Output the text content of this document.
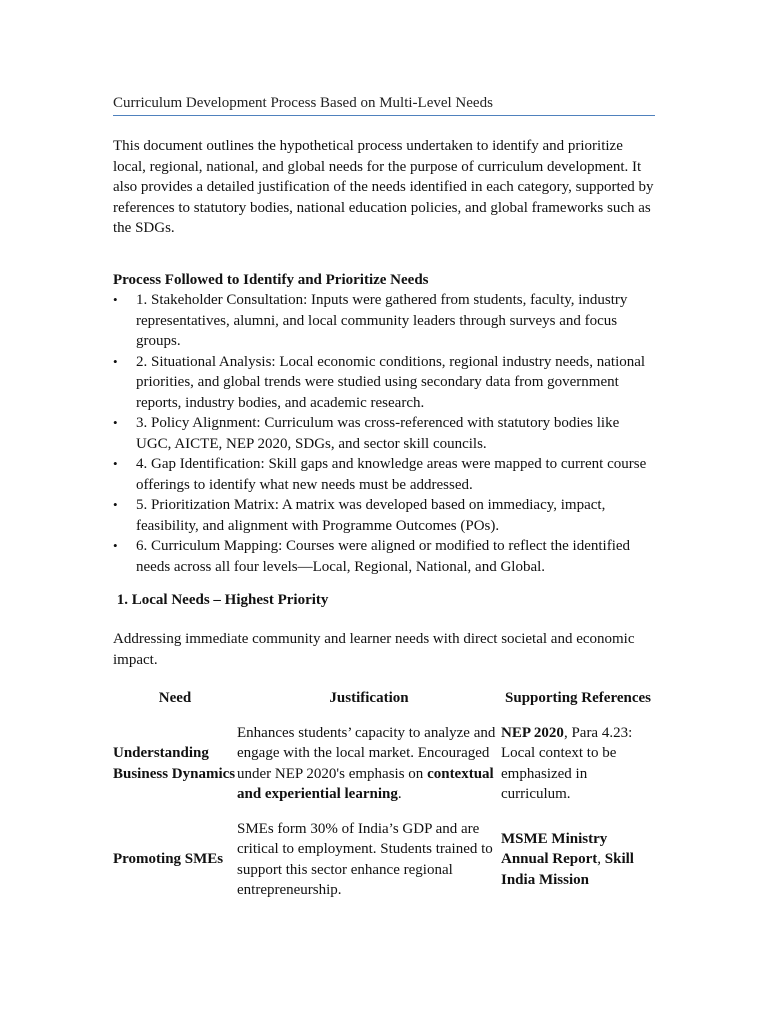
Curriculum Development Process Based on Multi-Level Needs

This document outlines the hypothetical process undertaken to identify and prioritize local, regional, national, and global needs for the purpose of curriculum development. It also provides a detailed justification of the needs identified in each category, supported by references to statutory bodies, national education policies, and global frameworks such as the SDGs.

Process Followed to Identify and Prioritize Needs

• 1. Stakeholder Consultation: Inputs were gathered from students, faculty, industry representatives, alumni, and local community leaders through surveys and focus groups.
• 2. Situational Analysis: Local economic conditions, regional industry needs, national priorities, and global trends were studied using secondary data from government reports, industry bodies, and academic research.
• 3. Policy Alignment: Curriculum was cross-referenced with statutory bodies like UGC, AICTE, NEP 2020, SDGs, and sector skill councils.
• 4. Gap Identification: Skill gaps and knowledge areas were mapped to current course offerings to identify what new needs must be addressed.
• 5. Prioritization Matrix: A matrix was developed based on immediacy, impact, feasibility, and alignment with Programme Outcomes (POs).
• 6. Curriculum Mapping: Courses were aligned or modified to reflect the identified needs across all four levels—Local, Regional, National, and Global.

1. Local Needs – Highest Priority

Addressing immediate community and learner needs with direct societal and economic impact.

Need	Justification	Supporting References
Understanding Business Dynamics	Enhances students’ capacity to analyze and engage with the local market. Encouraged under NEP 2020's emphasis on contextual and experiential learning.	NEP 2020, Para 4.23: Local context to be emphasized in curriculum.
Promoting SMEs	SMEs form 30% of India’s GDP and are critical to employment. Students trained to support this sector enhance regional entrepreneurship.	MSME Ministry Annual Report, Skill India Mission
